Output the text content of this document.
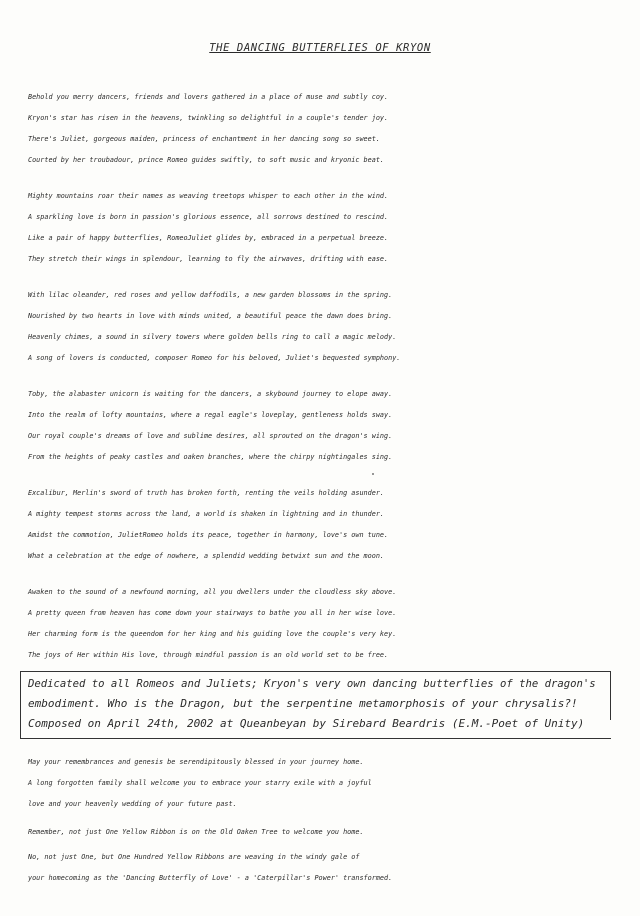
THE DANCING BUTTERFLIES OF KRYON
Behold you merry dancers, friends and lovers gathered in a place of muse and subtly coy.
Kryon's star has risen in the heavens, twinkling so delightful in a couple's tender joy.
There's Juliet, gorgeous maiden, princess of enchantment in her dancing song so sweet.
Courted by her troubadour, prince Romeo guides swiftly, to soft music and kryonic beat.
Mighty mountains roar their names as weaving treetops whisper to each other in the wind.
A sparkling love is born in passion's glorious essence, all sorrows destined to rescind.
Like a pair of happy butterflies, RomeoJuliet glides by, embraced in a perpetual breeze.
They stretch their wings in splendour, learning to fly the airwaves, drifting with ease.
With lilac oleander, red roses and yellow daffodils, a new garden blossoms in the spring.
Nourished by two hearts in love with minds united, a beautiful peace the dawn does bring.
Heavenly chimes, a sound in silvery towers where golden bells ring to call a magic melody.
A song of lovers is conducted, composer Romeo for his beloved, Juliet's bequested symphony.
Toby, the alabaster unicorn is waiting for the dancers, a skybound journey to elope away.
Into the realm of lofty mountains, where a regal eagle's loveplay, gentleness holds sway.
Our royal couple's dreams of love and sublime desires, all sprouted on the dragon's wing.
From the heights of peaky castles and oaken branches, where the chirpy nightingales sing.
Excalibur, Merlin's sword of truth has broken forth, renting the veils holding asunder.
A mighty tempest storms across the land, a world is shaken in lightning and in thunder.
Amidst the commotion, JulietRomeo holds its peace, together in harmony, love's own tune.
What a celebration at the edge of nowhere, a splendid wedding betwixt sun and the moon.
Awaken to the sound of a newfound morning, all you dwellers under the cloudless sky above.
A pretty queen from heaven has come down your stairways to bathe you all in her wise love.
Her charming form is the queendom for her king and his guiding love the couple's very key.
The joys of Her within His love, through mindful passion is an old world set to be free.
Dedicated to all Romeos and Juliets; Kryon's very own dancing butterflies of the dragon's
embodiment. Who is the Dragon, but the serpentine metamorphosis of your chrysalis?!
Composed on April 24th, 2002 at Queanbeyan by Sirebard Beardris (E.M.-Poet of Unity)
May your remembrances and genesis be serendipitously blessed in your journey home.
A long forgotten family shall welcome you to embrace your starry exile with a joyful
love and your heavenly wedding of your future past.
Remember, not just One Yellow Ribbon is on the Old Oaken Tree to welcome you home.
No, not just One, but One Hundred Yellow Ribbons are weaving in the windy gale of
your homecoming as the 'Dancing Butterfly of Love' - a 'Caterpillar's Power' transformed.
